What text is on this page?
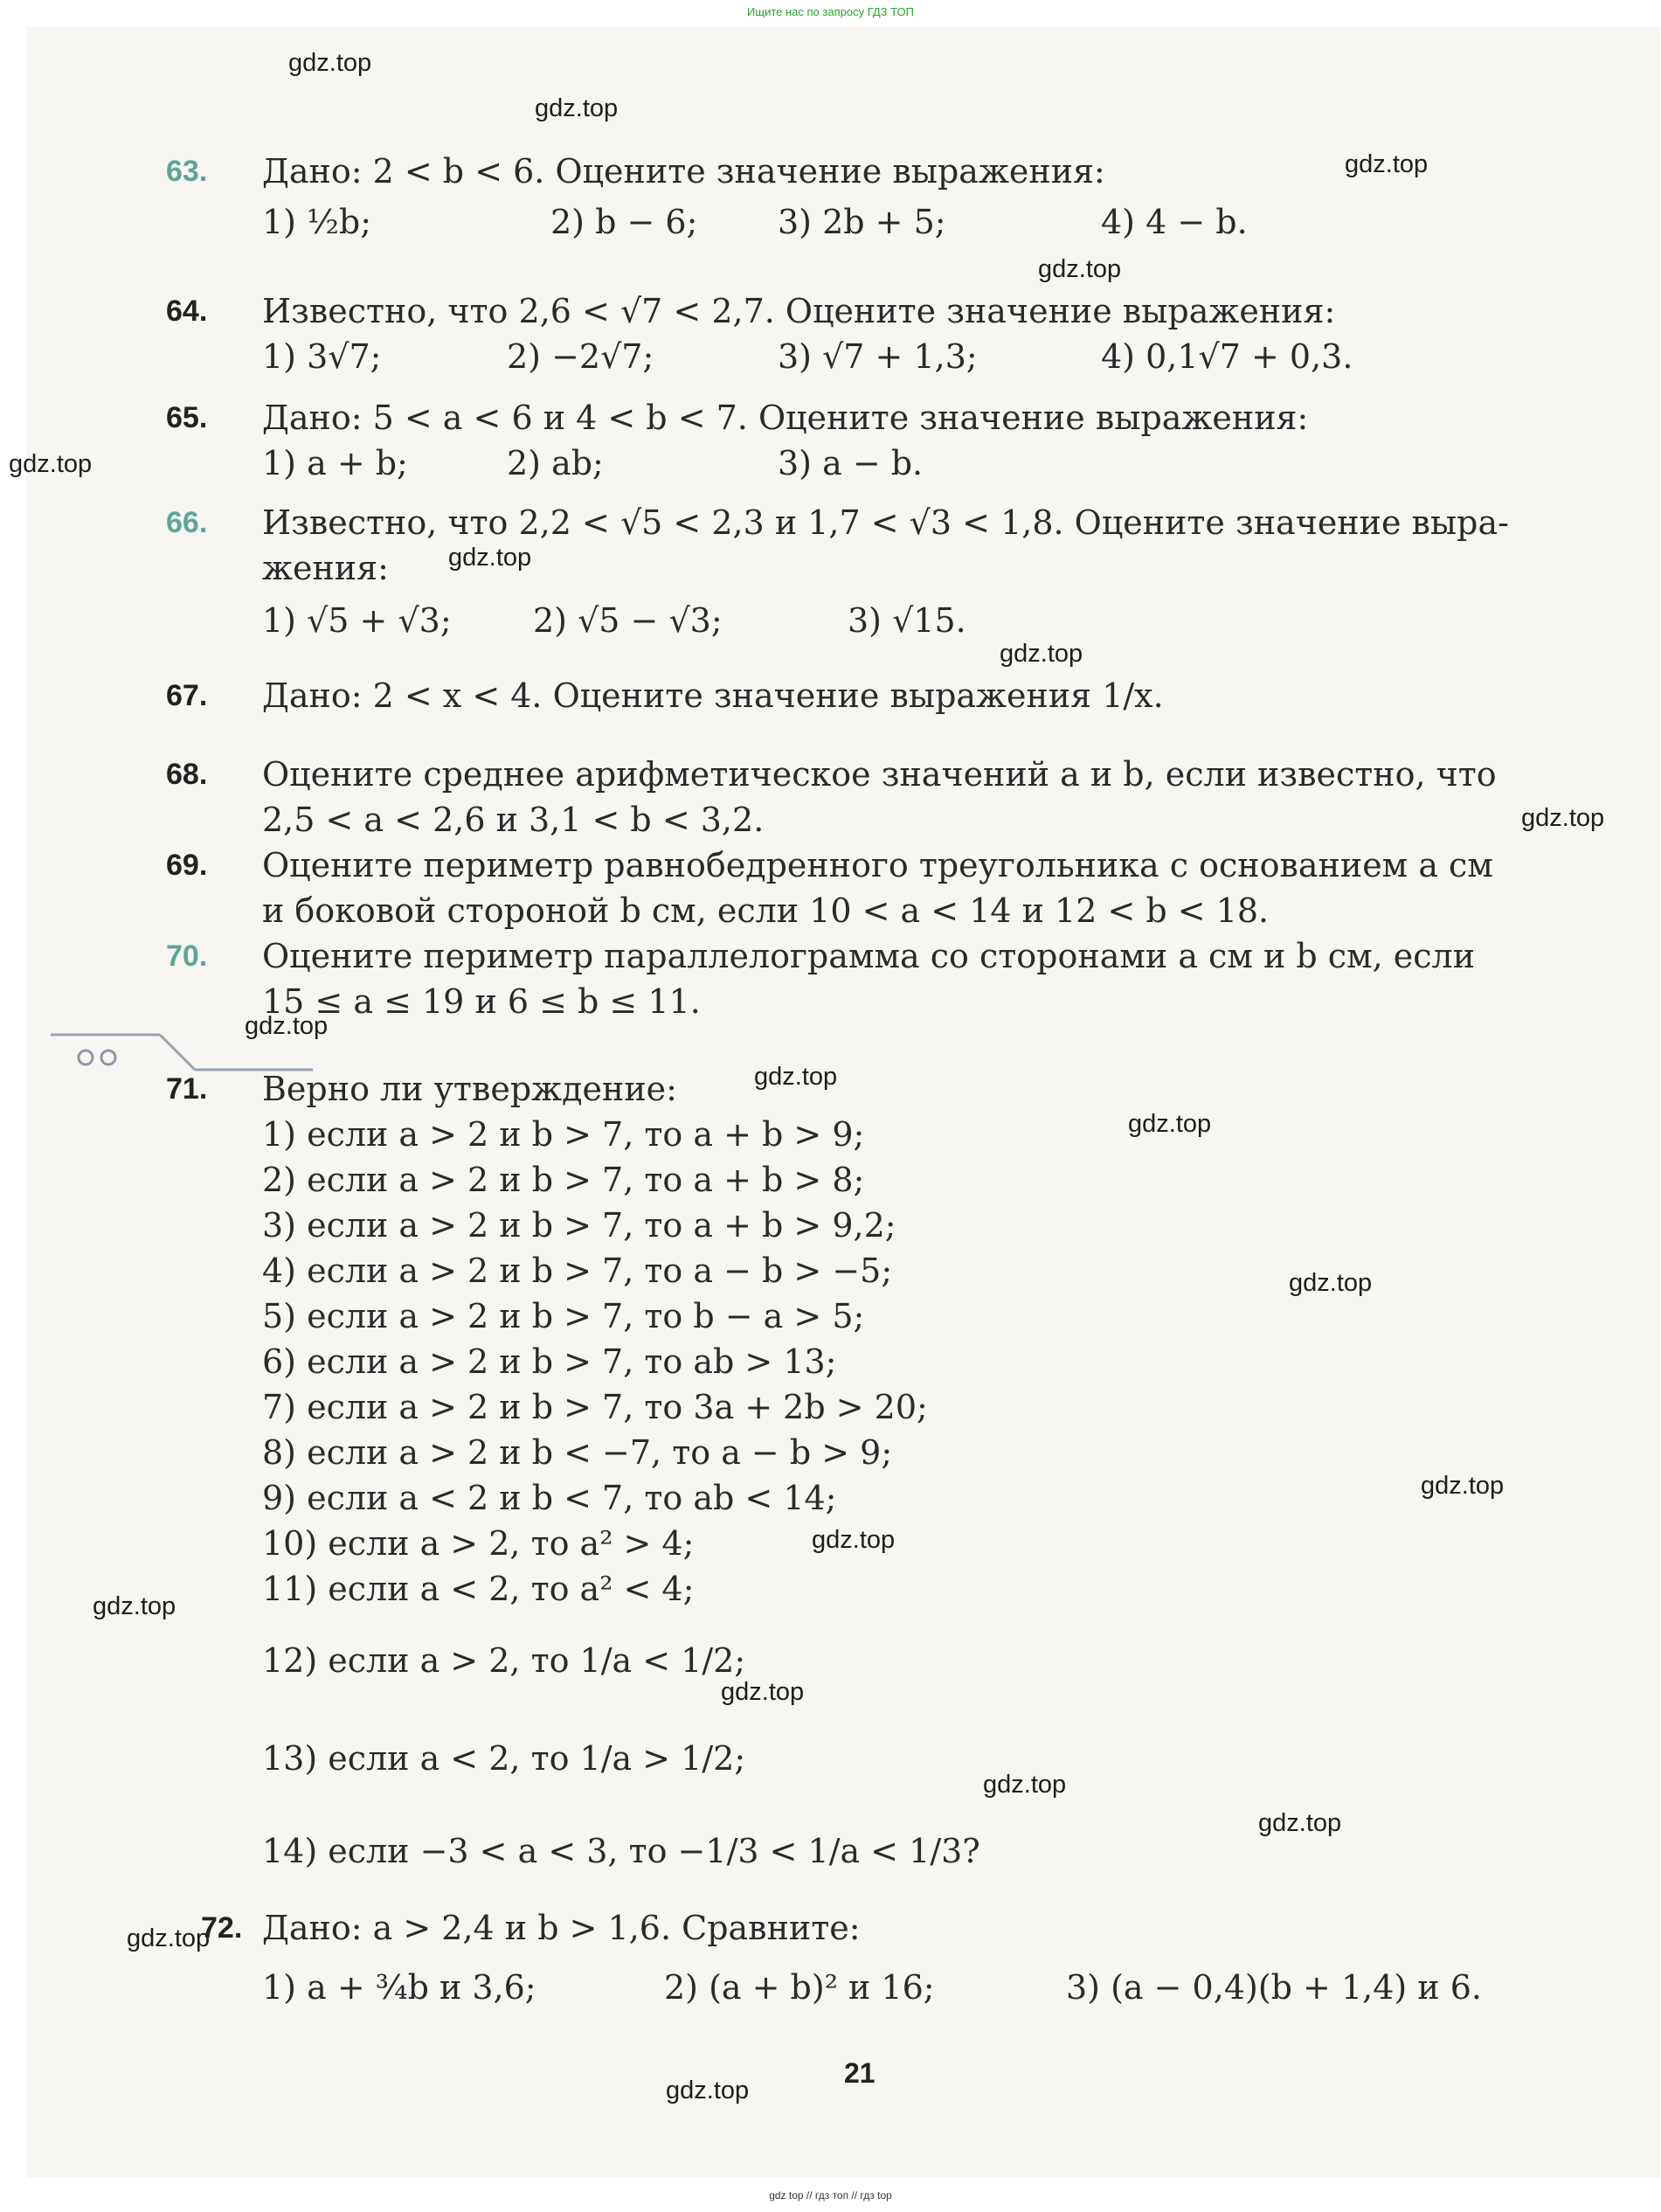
Ищите нас по запросу ГДЗ ТОП
gdz.top
gdz.top
gdz.top
gdz.top
gdz.top
gdz.top
gdz.top
gdz.top
gdz.top
gdz.top
gdz.top
gdz.top
gdz.top
gdz.top
gdz.top
gdz.top
gdz.top
gdz.top
gdz.top
gdz.top
63. Дано: 2 < b < 6. Оцените значение выражения:
1) ½b;	2) b − 6;	3) 2b + 5;	4) 4 − b.
64. Известно, что 2,6 < √7 < 2,7. Оцените значение выражения:
1) 3√7;	2) −2√7;	3) √7 + 1,3;	4) 0,1√7 + 0,3.
65. Дано: 5 < a < 6 и 4 < b < 7. Оцените значение выражения:
1) a + b;	2) ab;	3) a − b.
66. Известно, что 2,2 < √5 < 2,3 и 1,7 < √3 < 1,8. Оцените значение выра-
жения:
1) √5 + √3;	2) √5 − √3;	3) √15.
67. Дано: 2 < x < 4. Оцените значение выражения 1/x.
68. Оцените среднее арифметическое значений a и b, если известно, что
2,5 < a < 2,6 и 3,1 < b < 3,2.
69. Оцените периметр равнобедренного треугольника с основанием a см
и боковой стороной b см, если 10 < a < 14 и 12 < b < 18.
70. Оцените периметр параллелограмма со сторонами a см и b см, если
15 ≤ a ≤ 19 и 6 ≤ b ≤ 11.
71. Верно ли утверждение:
1) если a > 2 и b > 7, то a + b > 9;
2) если a > 2 и b > 7, то a + b > 8;
3) если a > 2 и b > 7, то a + b > 9,2;
4) если a > 2 и b > 7, то a − b > −5;
5) если a > 2 и b > 7, то b − a > 5;
6) если a > 2 и b > 7, то ab > 13;
7) если a > 2 и b > 7, то 3a + 2b > 20;
8) если a > 2 и b < −7, то a − b > 9;
9) если a < 2 и b < 7, то ab < 14;
10) если a > 2, то a² > 4;
11) если a < 2, то a² < 4;
12) если a > 2, то 1/a < 1/2;
13) если a < 2, то 1/a > 1/2;
14) если −3 < a < 3, то −1/3 < 1/a < 1/3?
72. Дано: a > 2,4 и b > 1,6. Сравните:
1) a + ¾b и 3,6;	2) (a + b)² и 16;	3) (a − 0,4)(b + 1,4) и 6.
21
gdz top // гдз топ // гдз top
